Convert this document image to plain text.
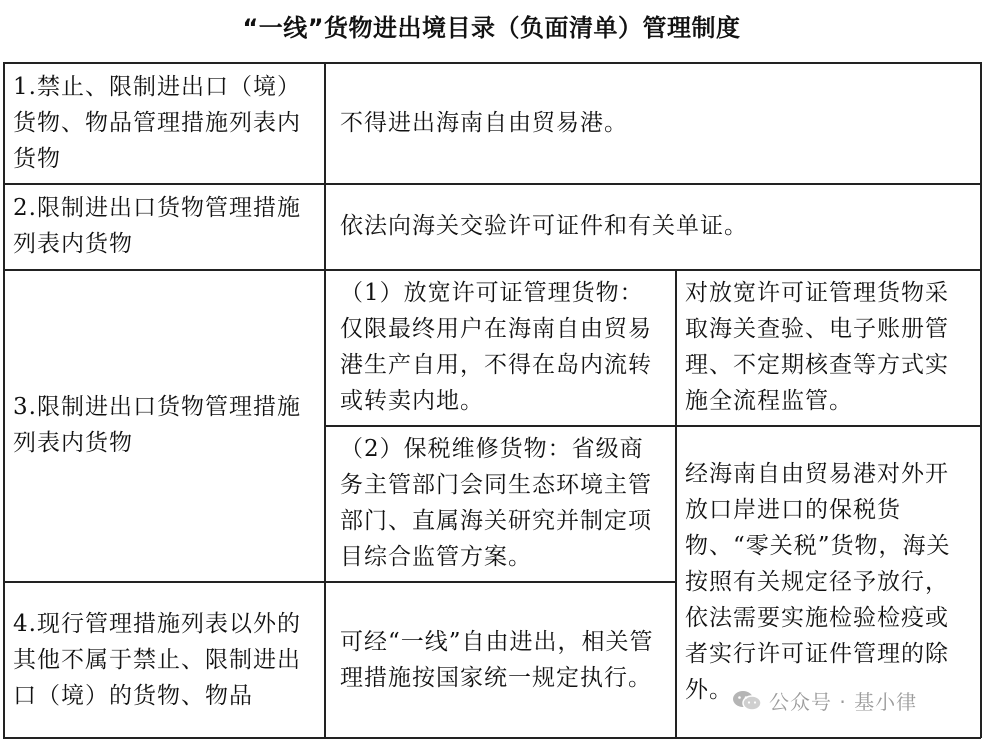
“一线”货物进出境目录（负面清单）管理制度
1.禁止、限制进出口（境）货物、物品管理措施列表内货物
不得进出海南自由贸易港。
2.限制进出口货物管理措施列表内货物
依法向海关交验许可证件和有关单证。
3.限制进出口货物管理措施列表内货物
（1）放宽许可证管理货物：仅限最终用户在海南自由贸易港生产自用，不得在岛内流转或转卖内地。
对放宽许可证管理货物采取海关查验、电子账册管理、不定期核查等方式实施全流程监管。
（2）保税维修货物：省级商务主管部门会同生态环境主管部门、直属海关研究并制定项目综合监管方案。
4.现行管理措施列表以外的其他不属于禁止、限制进出口（境）的货物、物品
可经“一线”自由进出，相关管理措施按国家统一规定执行。
经海南自由贸易港对外开放口岸进口的保税货物、“零关税”货物，海关按照有关规定径予放行，依法需要实施检验检疫或者实行许可证件管理的除外。	公众号 · 基小律
